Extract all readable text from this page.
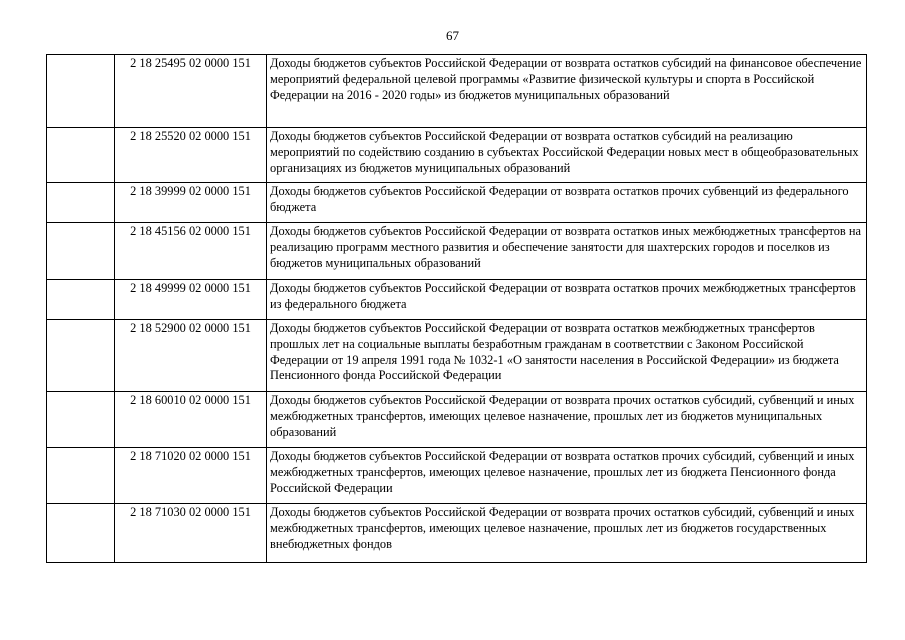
67
	2 18 25495 02 0000 151	Доходы бюджетов субъектов Российской Федерации от возврата остатков субсидий на финансовое обеспечение мероприятий федеральной целевой программы «Развитие физической культуры и спорта в Российской Федерации на 2016 - 2020 годы» из бюджетов муниципальных образований
	2 18 25520 02 0000 151	Доходы бюджетов субъектов Российской Федерации от возврата остатков субсидий на реализацию мероприятий по содействию созданию в субъектах Российской Федерации новых мест в общеобразовательных организациях из бюджетов муниципальных образований
	2 18 39999 02 0000 151	Доходы бюджетов субъектов Российской Федерации от возврата остатков прочих субвенций из федерального бюджета
	2 18 45156 02 0000 151	Доходы бюджетов субъектов Российской Федерации от возврата остатков иных межбюджетных трансфертов на реализацию программ местного развития и обеспечение занятости для шахтерских городов и поселков из бюджетов муниципальных образований
	2 18 49999 02 0000 151	Доходы бюджетов субъектов Российской Федерации от возврата остатков прочих межбюджетных трансфертов из федерального бюджета
	2 18 52900 02 0000 151	Доходы бюджетов субъектов Российской Федерации от возврата остатков межбюджетных трансфертов прошлых лет на социальные выплаты безработным гражданам в соответствии с Законом Российской Федерации от 19 апреля 1991 года № 1032-1 «О занятости населения в Российской Федерации» из бюджета Пенсионного фонда Российской Федерации
	2 18 60010 02 0000 151	Доходы бюджетов субъектов Российской Федерации от возврата прочих остатков субсидий, субвенций и иных межбюджетных трансфертов, имеющих целевое назначение, прошлых лет из бюджетов муниципальных образований
	2 18 71020 02 0000 151	Доходы бюджетов субъектов Российской Федерации от возврата остатков прочих субсидий, субвенций и иных межбюджетных трансфертов, имеющих целевое назначение, прошлых лет из бюджета Пенсионного фонда Российской Федерации
	2 18 71030 02 0000 151	Доходы бюджетов субъектов Российской Федерации от возврата прочих остатков субсидий, субвенций и иных межбюджетных трансфертов, имеющих целевое назначение, прошлых лет из бюджетов государственных внебюджетных фондов
